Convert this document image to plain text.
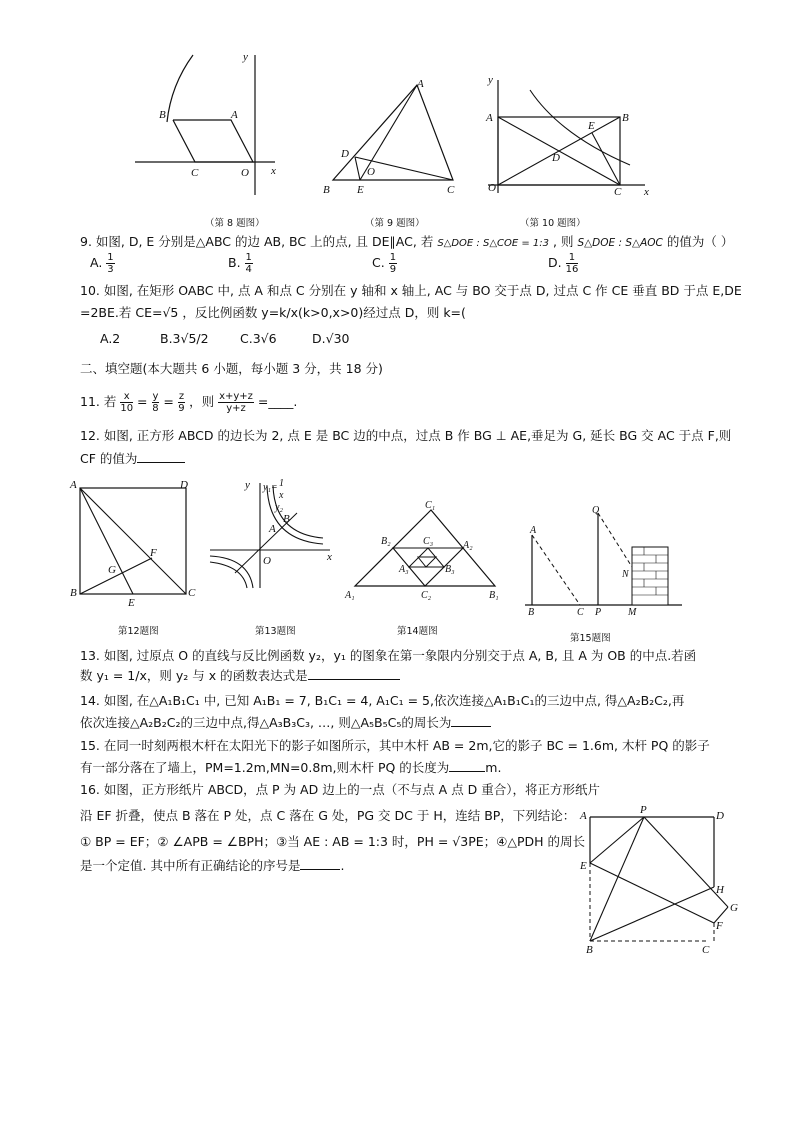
B	A
C	O
y
x
（第 8 题图）
A
D
O
B E	C
（第 9 题图）
A	B
E
D
O	C
y
x
（第 10 题图）
9. 如图, D, E 分别是△ABC 的边 AB, BC 上的点, 且 DE∥AC, 若 S△DOE : S△COE = 1:3 , 则 S△DOE : S△AOC 的值为（ ）
A. $\frac{1}{3}$	B. $\frac{1}{4}$	C. $\frac{1}{9}$	D. $\frac{1}{16}$
10. 如图, 在矩形 OABC 中, 点 A 和点 C 分别在 y 轴和 x 轴上, AC 与 BO 交于点 D, 过点 C 作 CE 垂直 BD 于点 E,DE
=2BE.若 CE=√5 ，反比例函数 y=k/x(k>0,x>0)经过点 D，则 k=(
A.2	B.3√5/2	C.3√6	D.√30
二、填空题(本大题共 6 小题，每小题 3 分，共 18 分)
11. 若 $\frac{x}{10} = \frac{y}{8} = \frac{z}{9}$ ，则 $\frac{x+y+z}{y+z}$ =____.
12. 如图, 正方形 ABCD 的边长为 2, 点 E 是 BC 边的中点，过点 B 作 BG ⊥ AE,垂足为 G, 延长 BG 交 AC 于点 F,则
CF 的值为
A	D
B	C
E
F
G
第12题图
y y₁= 1
x
y₂
O	x
A
B
第13题图
C₁
B₂	A₂
C₃
A₃	B₃
A₁	C₂	B₁
第14题图
A
Q
N
B	C P	M
第15题图
13. 如图, 过原点 O 的直线与反比例函数 y₂，y₁ 的图象在第一象限内分别交于点 A, B, 且 A 为 OB 的中点.若函
数 y₁ = 1/x，则 y₂ 与 x 的函数表达式是
14. 如图, 在△A₁B₁C₁ 中, 已知 A₁B₁ = 7, B₁C₁ = 4, A₁C₁ = 5,依次连接△A₁B₁C₁的三边中点, 得△A₂B₂C₂,再
依次连接△A₂B₂C₂的三边中点,得△A₃B₃C₃, …, 则△A₅B₅C₅的周长为
15. 在同一时刻两根木杆在太阳光下的影子如图所示，其中木杆 AB = 2m,它的影子 BC = 1.6m, 木杆 PQ 的影子
有一部分落在了墙上，PM=1.2m,MN=0.8m,则木杆 PQ 的长度为	m.
16. 如图，正方形纸片 ABCD，点 P 为 AD 边上的一点（不与点 A 点 D 重合），将正方形纸片
沿 EF 折叠，使点 B 落在 P 处，点 C 落在 G 处，PG 交 DC 于 H，连结 BP，下列结论：
① BP = EF；② ∠APB = ∠BPH；③当 AE : AB = 1:3 时，PH = √3PE；④△PDH 的周长
是一个定值. 其中所有正确结论的序号是	.
A	P	D
E
H
G
F
B	C
